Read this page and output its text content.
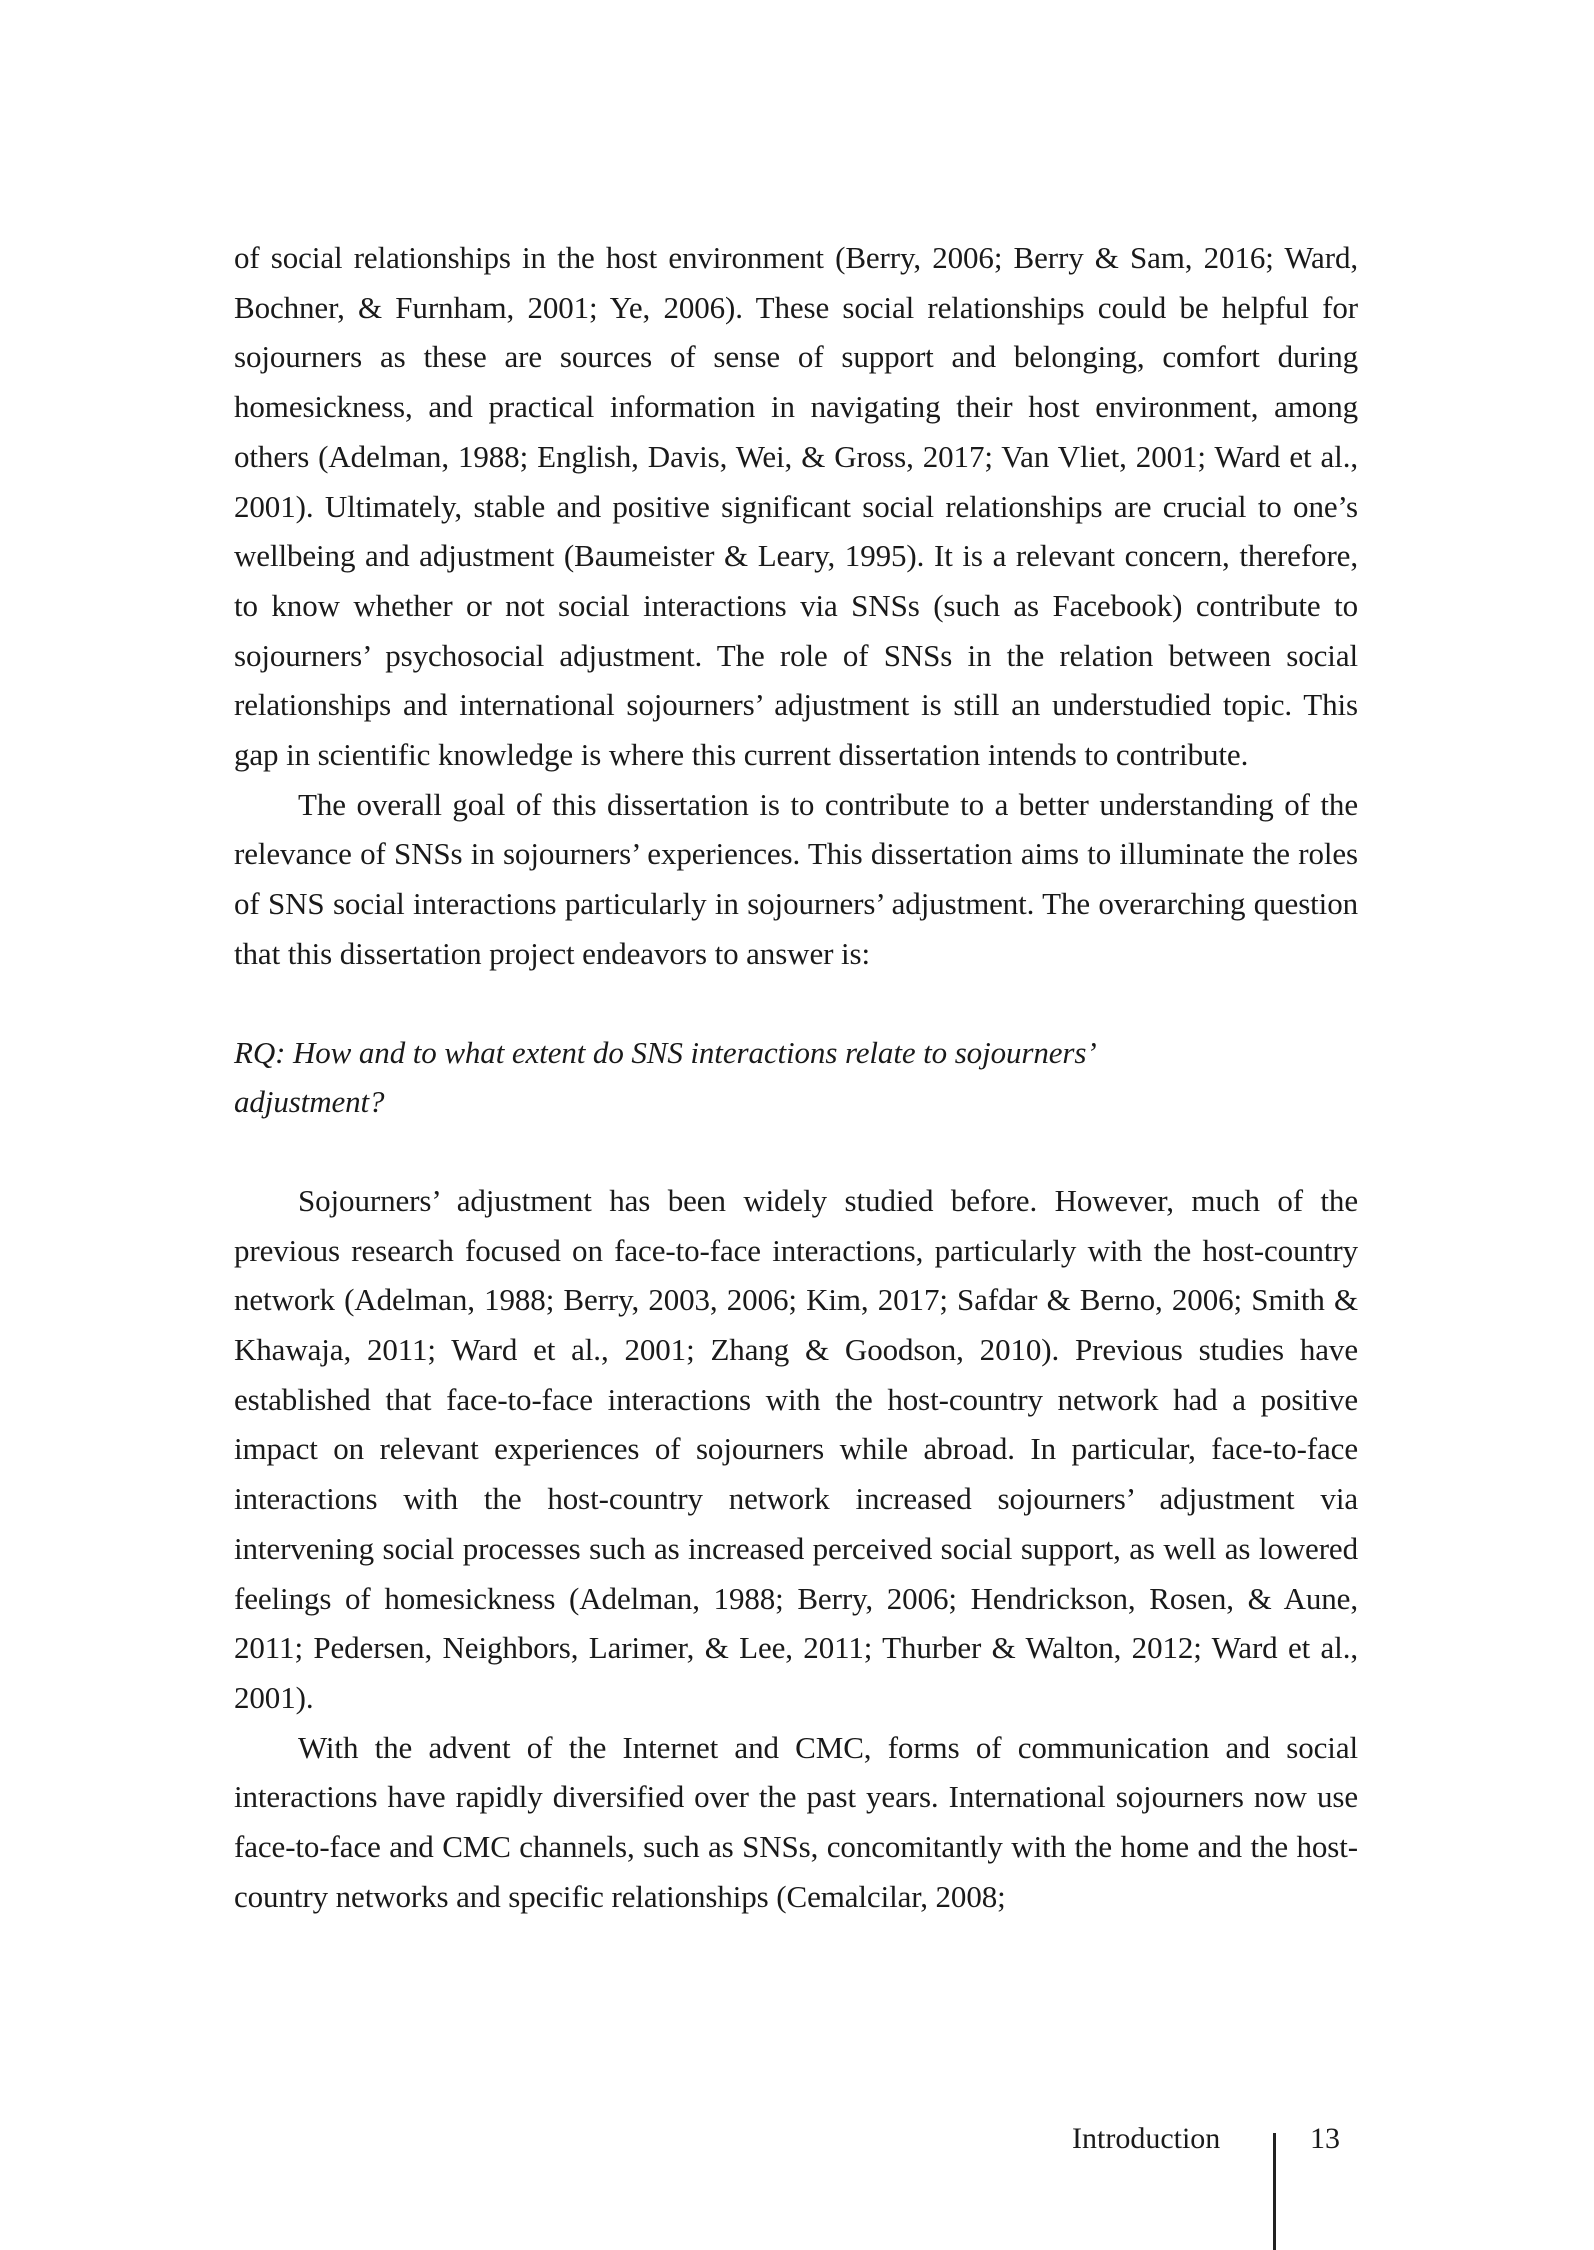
of social relationships in the host environment (Berry, 2006; Berry & Sam, 2016; Ward, Bochner, & Furnham, 2001; Ye, 2006). These social relationships could be helpful for sojourners as these are sources of sense of support and belonging, comfort during homesickness, and practical information in navigating their host environment, among others (Adelman, 1988; English, Davis, Wei, & Gross, 2017; Van Vliet, 2001; Ward et al., 2001). Ultimately, stable and positive significant social relationships are crucial to one’s wellbeing and adjustment (Baumeister & Leary, 1995). It is a relevant concern, therefore, to know whether or not social interactions via SNSs (such as Facebook) contribute to sojourners’ psychosocial adjustment. The role of SNSs in the relation between social relationships and international sojourners’ adjustment is still an understudied topic. This gap in scientific knowledge is where this current dissertation intends to contribute.

The overall goal of this dissertation is to contribute to a better understanding of the relevance of SNSs in sojourners’ experiences. This dissertation aims to illuminate the roles of SNS social interactions particularly in sojourners’ adjustment. The overarching question that this dissertation project endeavors to answer is:

RQ: How and to what extent do SNS interactions relate to sojourners’ adjustment?

Sojourners’ adjustment has been widely studied before. However, much of the previous research focused on face-to-face interactions, particularly with the host-country network (Adelman, 1988; Berry, 2003, 2006; Kim, 2017; Safdar & Berno, 2006; Smith & Khawaja, 2011; Ward et al., 2001; Zhang & Goodson, 2010). Previous studies have established that face-to-face interactions with the host-country network had a positive impact on relevant experiences of sojourners while abroad. In particular, face-to-face interactions with the host-country network increased sojourners’ adjustment via intervening social processes such as increased perceived social support, as well as lowered feelings of homesickness (Adelman, 1988; Berry, 2006; Hendrickson, Rosen, & Aune, 2011; Pedersen, Neighbors, Larimer, & Lee, 2011; Thurber & Walton, 2012; Ward et al., 2001).

With the advent of the Internet and CMC, forms of communication and social interactions have rapidly diversified over the past years. International sojourners now use face-to-face and CMC channels, such as SNSs, concomitantly with the home and the host-country networks and specific relationships (Cemalcilar, 2008;

Introduction	13
